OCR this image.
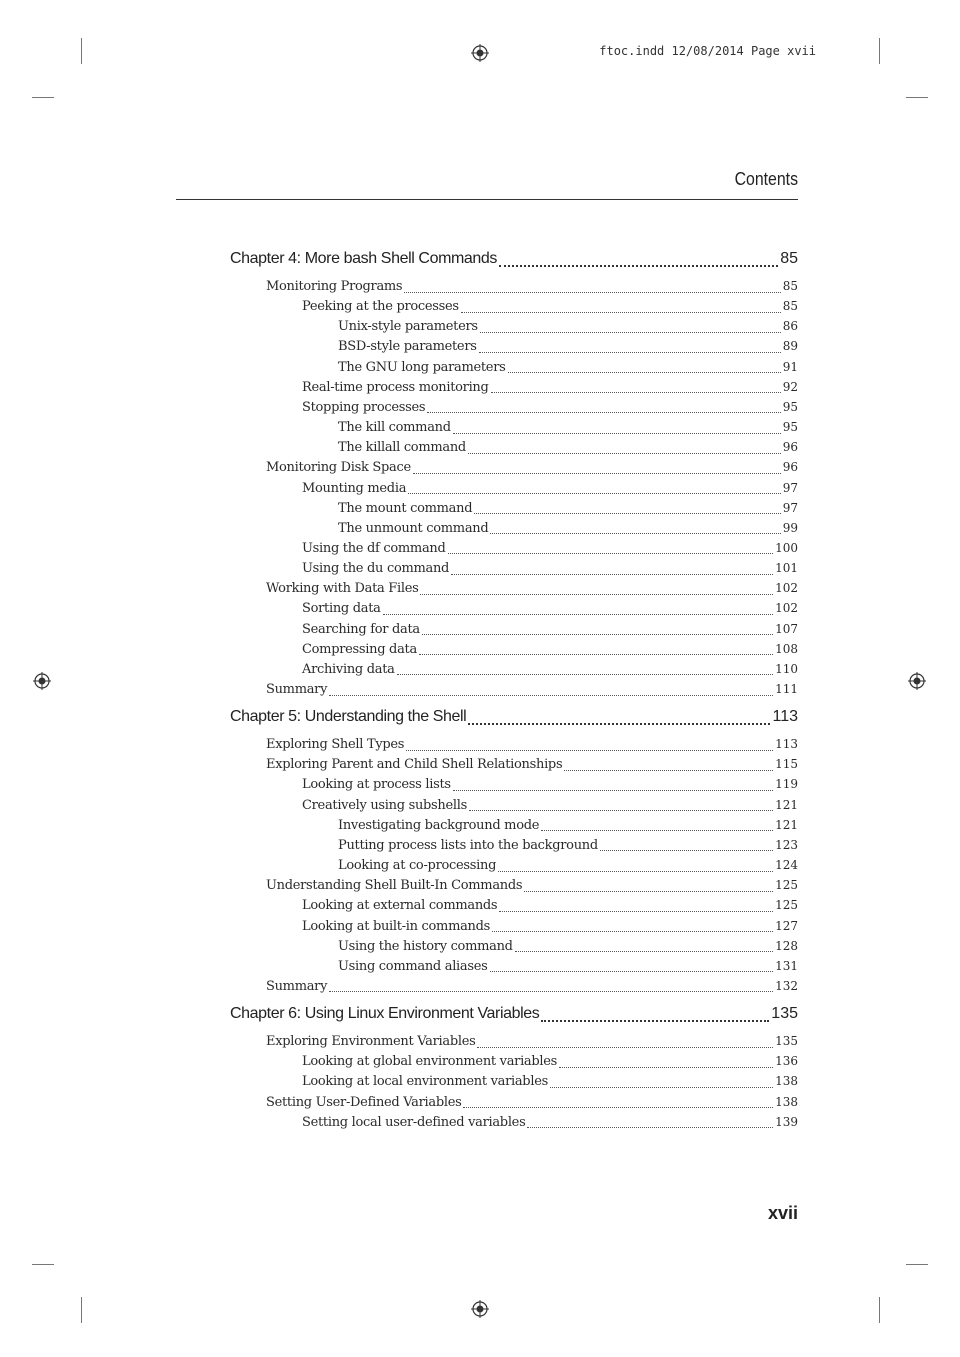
ftoc.indd 12/08/2014 Page xvii
Contents
Chapter 4: More bash Shell Commands	85
Monitoring Programs	85
Peeking at the processes	85
Unix-style parameters	86
BSD-style parameters	89
The GNU long parameters	91
Real-time process monitoring	92
Stopping processes	95
The kill command	95
The killall command	96
Monitoring Disk Space	96
Mounting media	97
The mount command	97
The unmount command	99
Using the df command	100
Using the du command	101
Working with Data Files	102
Sorting data	102
Searching for data	107
Compressing data	108
Archiving data	110
Summary	111
Chapter 5: Understanding the Shell	113
Exploring Shell Types	113
Exploring Parent and Child Shell Relationships	115
Looking at process lists	119
Creatively using subshells	121
Investigating background mode	121
Putting process lists into the background	123
Looking at co-processing	124
Understanding Shell Built-In Commands	125
Looking at external commands	125
Looking at built-in commands	127
Using the history command	128
Using command aliases	131
Summary	132
Chapter 6: Using Linux Environment Variables	135
Exploring Environment Variables	135
Looking at global environment variables	136
Looking at local environment variables	138
Setting User-Defined Variables	138
Setting local user-defined variables	139
xvii
